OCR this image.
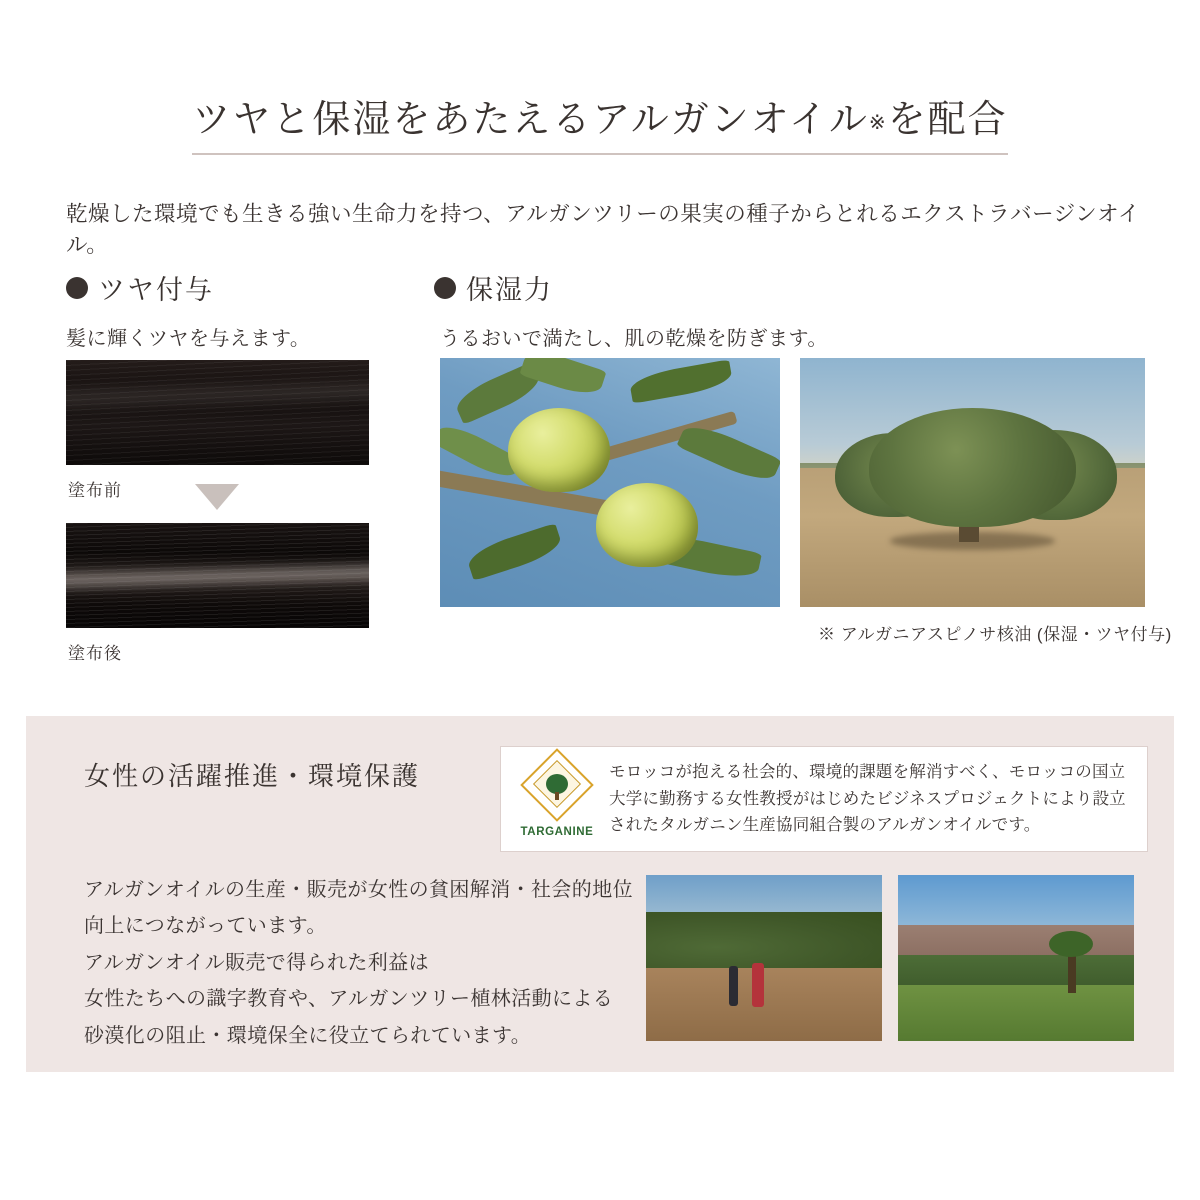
ツヤと保湿をあたえるアルガンオイル※を配合
乾燥した環境でも生きる強い生命力を持つ、アルガンツリーの果実の種子からとれるエクストラバージンオイル。
ツヤ付与
髪に輝くツヤを与えます。
塗布前
塗布後
保湿力
うるおいで満たし、肌の乾燥を防ぎます。
※ アルガニアスピノサ核油 (保湿・ツヤ付与)
女性の活躍推進・環境保護
TARGANINE
モロッコが抱える社会的、環境的課題を解消すべく、モロッコの国立大学に勤務する女性教授がはじめたビジネスプロジェクトにより設立されたタルガニン生産協同組合製のアルガンオイルです。
アルガンオイルの生産・販売が女性の貧困解消・社会的地位向上につながっています。
アルガンオイル販売で得られた利益は
女性たちへの識字教育や、アルガンツリー植林活動による
砂漠化の阻止・環境保全に役立てられています。
